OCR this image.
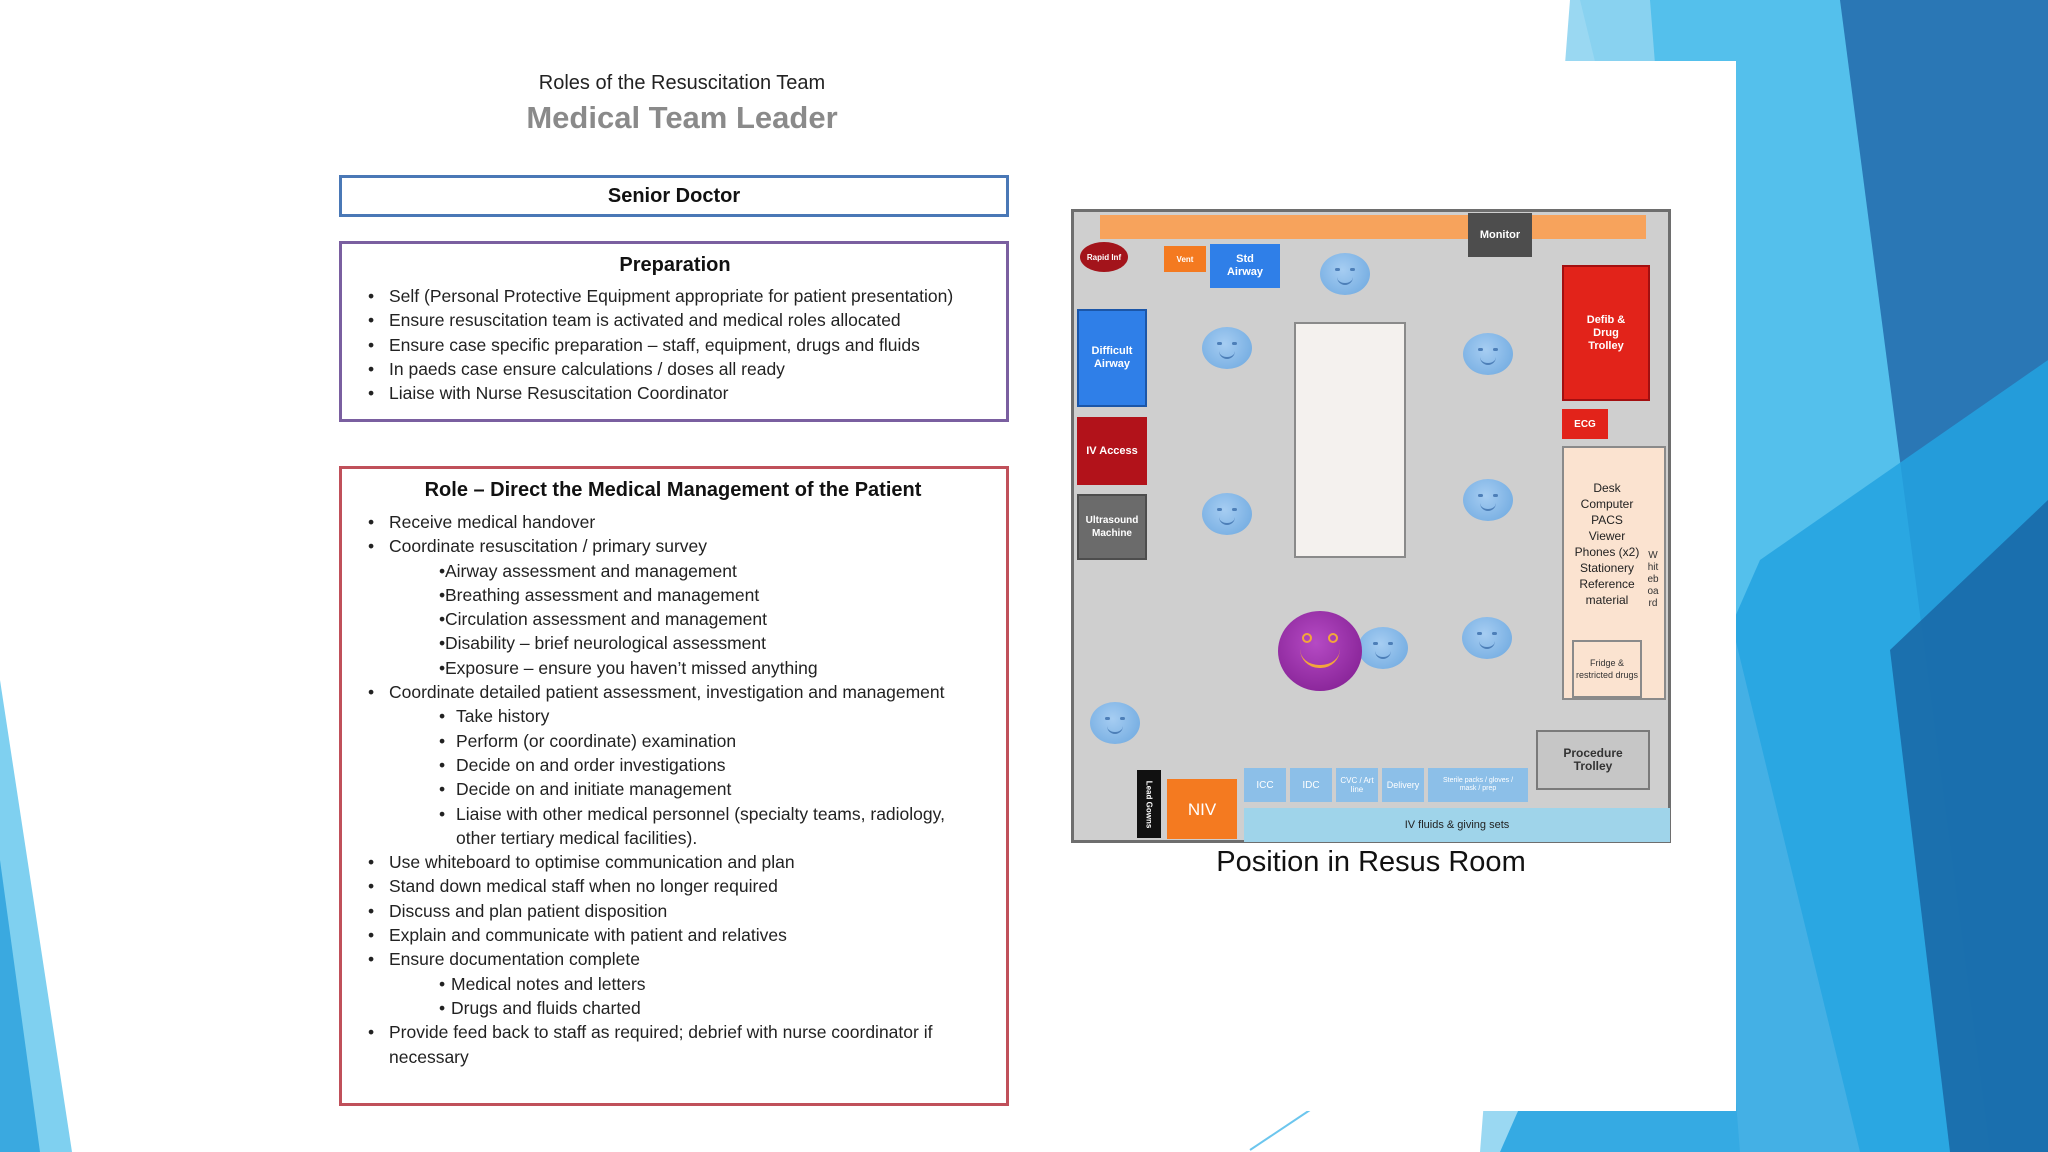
Roles of the Resuscitation Team
Medical Team Leader
Senior Doctor
Preparation
• Self (Personal Protective Equipment appropriate for patient presentation)
• Ensure resuscitation team is activated and medical roles allocated
• Ensure case specific preparation – staff, equipment, drugs and fluids
• In paeds case ensure calculations / doses all ready
• Liaise with Nurse Resuscitation Coordinator
Role – Direct the Medical Management of the Patient
• Receive medical handover
• Coordinate resuscitation / primary survey
• Airway assessment and management
• Breathing assessment and management
• Circulation assessment and management
• Disability – brief neurological assessment
• Exposure – ensure you haven’t missed anything
• Coordinate detailed patient assessment, investigation and management
• Take history
• Perform (or coordinate) examination
• Decide on and order investigations
• Decide on and initiate management
• Liaise with other medical personnel (specialty teams, radiology, other tertiary medical facilities).
• Use whiteboard to optimise communication and plan
• Stand down medical staff when no longer required
• Discuss and plan patient disposition
• Explain and communicate with patient and relatives
• Ensure documentation complete
• Medical notes and letters
• Drugs and fluids charted
• Provide feed back to staff as required; debrief with nurse coordinator if necessary
Monitor
Rapid Inf	Vent	Std Airway
Difficult Airway
IV Access
Ultrasound Machine
Defib & Drug Trolley
ECG
Desk Computer PACS Viewer Phones (x2) Stationery Reference material
Whiteboard
Fridge & restricted drugs
Procedure Trolley
Lead Gowns	NIV
ICC	IDC	CVC / Art line	Delivery	Sterile packs / gloves / mask / prep
IV fluids & giving sets
Position in Resus Room
